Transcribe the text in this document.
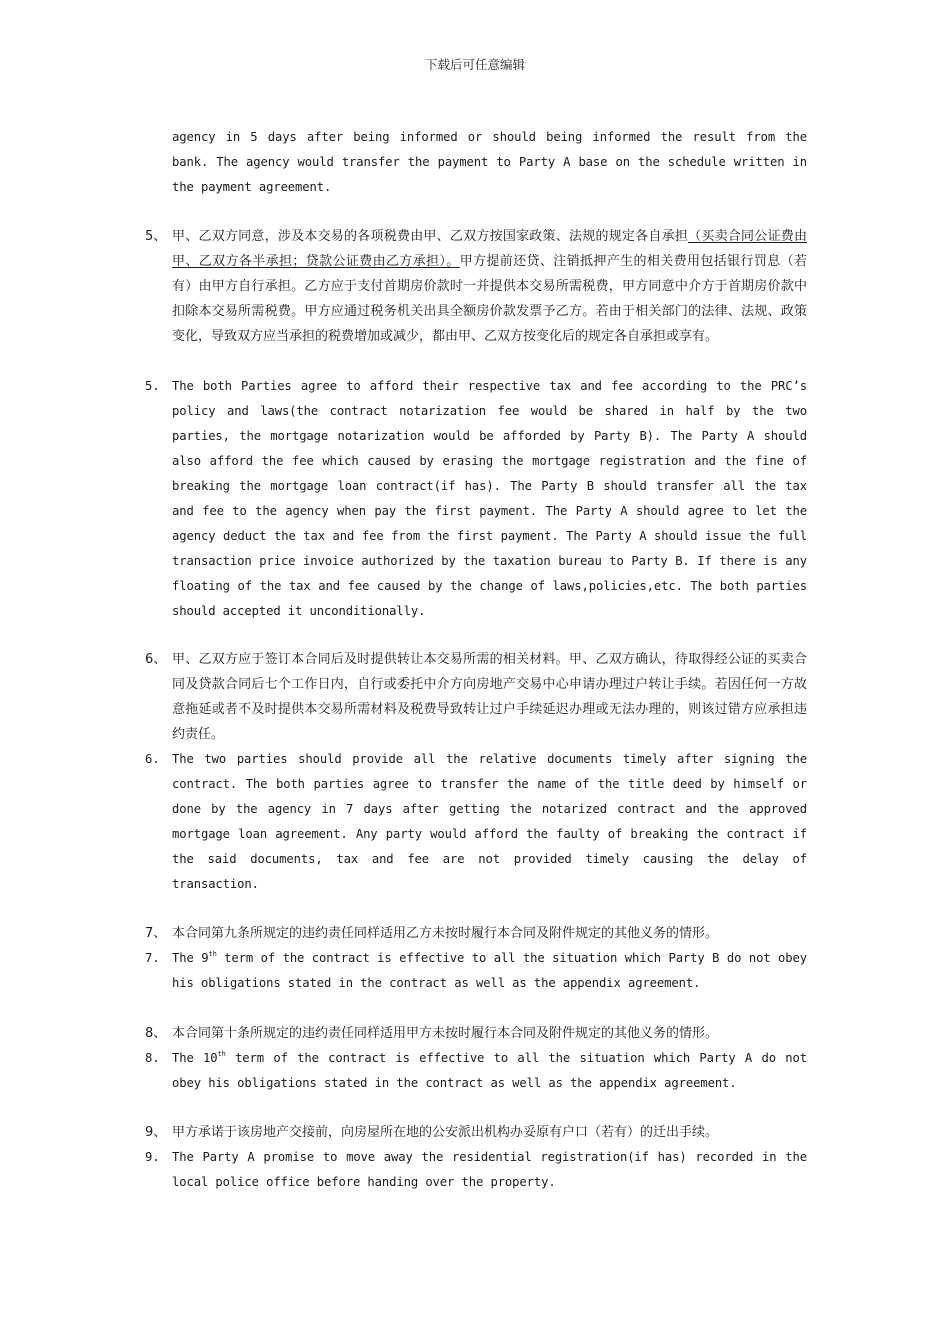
下载后可任意编辑
agency in 5 days after being informed or should being informed the result from the bank. The agency would transfer the payment to Party A base on the schedule written in the payment agreement.
5、 甲、乙双方同意，涉及本交易的各项税费由甲、乙双方按国家政策、法规的规定各自承担（买卖合同公证费由甲、乙双方各半承担；贷款公证费由乙方承担）。甲方提前还贷、注销抵押产生的相关费用包括银行罚息（若有）由甲方自行承担。乙方应于支付首期房价款时一并提供本交易所需税费，甲方同意中介方于首期房价款中扣除本交易所需税费。甲方应通过税务机关出具全额房价款发票予乙方。若由于相关部门的法律、法规、政策变化，导致双方应当承担的税费增加或减少，都由甲、乙双方按变化后的规定各自承担或享有。
5.	The both Parties agree to afford their respective tax and fee according to the PRC’s policy and laws(the contract notarization fee would be shared in half by the two parties, the mortgage notarization would be afforded by Party B). The Party A should also afford the fee which caused by erasing the mortgage registration and the fine of breaking the mortgage loan contract(if has). The Party B should transfer all the tax and fee to the agency when pay the first payment. The Party A should agree to let the agency deduct the tax and fee from the first payment. The Party A should issue the full transaction price invoice authorized by the taxation bureau to Party B. If there is any floating of the tax and fee caused by the change of laws,policies,etc. The both parties should accepted it unconditionally.
6、 甲、乙双方应于签订本合同后及时提供转让本交易所需的相关材料。甲、乙双方确认，待取得经公证的买卖合同及贷款合同后七个工作日内，自行或委托中介方向房地产交易中心申请办理过户转让手续。若因任何一方故意拖延或者不及时提供本交易所需材料及税费导致转让过户手续延迟办理或无法办理的，则该过错方应承担违约责任。
6.	The two parties should provide all the relative documents timely after signing the contract. The both parties agree to transfer the name of the title deed by himself or done by the agency in 7 days after getting the notarized contract and the approved mortgage loan agreement. Any party would afford the faulty of breaking the contract if the said documents, tax and fee are not provided timely causing the delay of transaction.
7、 本合同第九条所规定的违约责任同样适用乙方未按时履行本合同及附件规定的其他义务的情形。
7.	The 9th term of the contract is effective to all the situation which Party B do not obey his obligations stated in the contract as well as the appendix agreement.
8、 本合同第十条所规定的违约责任同样适用甲方未按时履行本合同及附件规定的其他义务的情形。
8.	The 10th term of the contract is effective to all the situation which Party A do not obey his obligations stated in the contract as well as the appendix agreement.
9、 甲方承诺于该房地产交接前，向房屋所在地的公安派出机构办妥原有户口（若有）的迁出手续。
9.	The Party A promise to move away the residential registration(if has) recorded in the local police office before handing over the property.
